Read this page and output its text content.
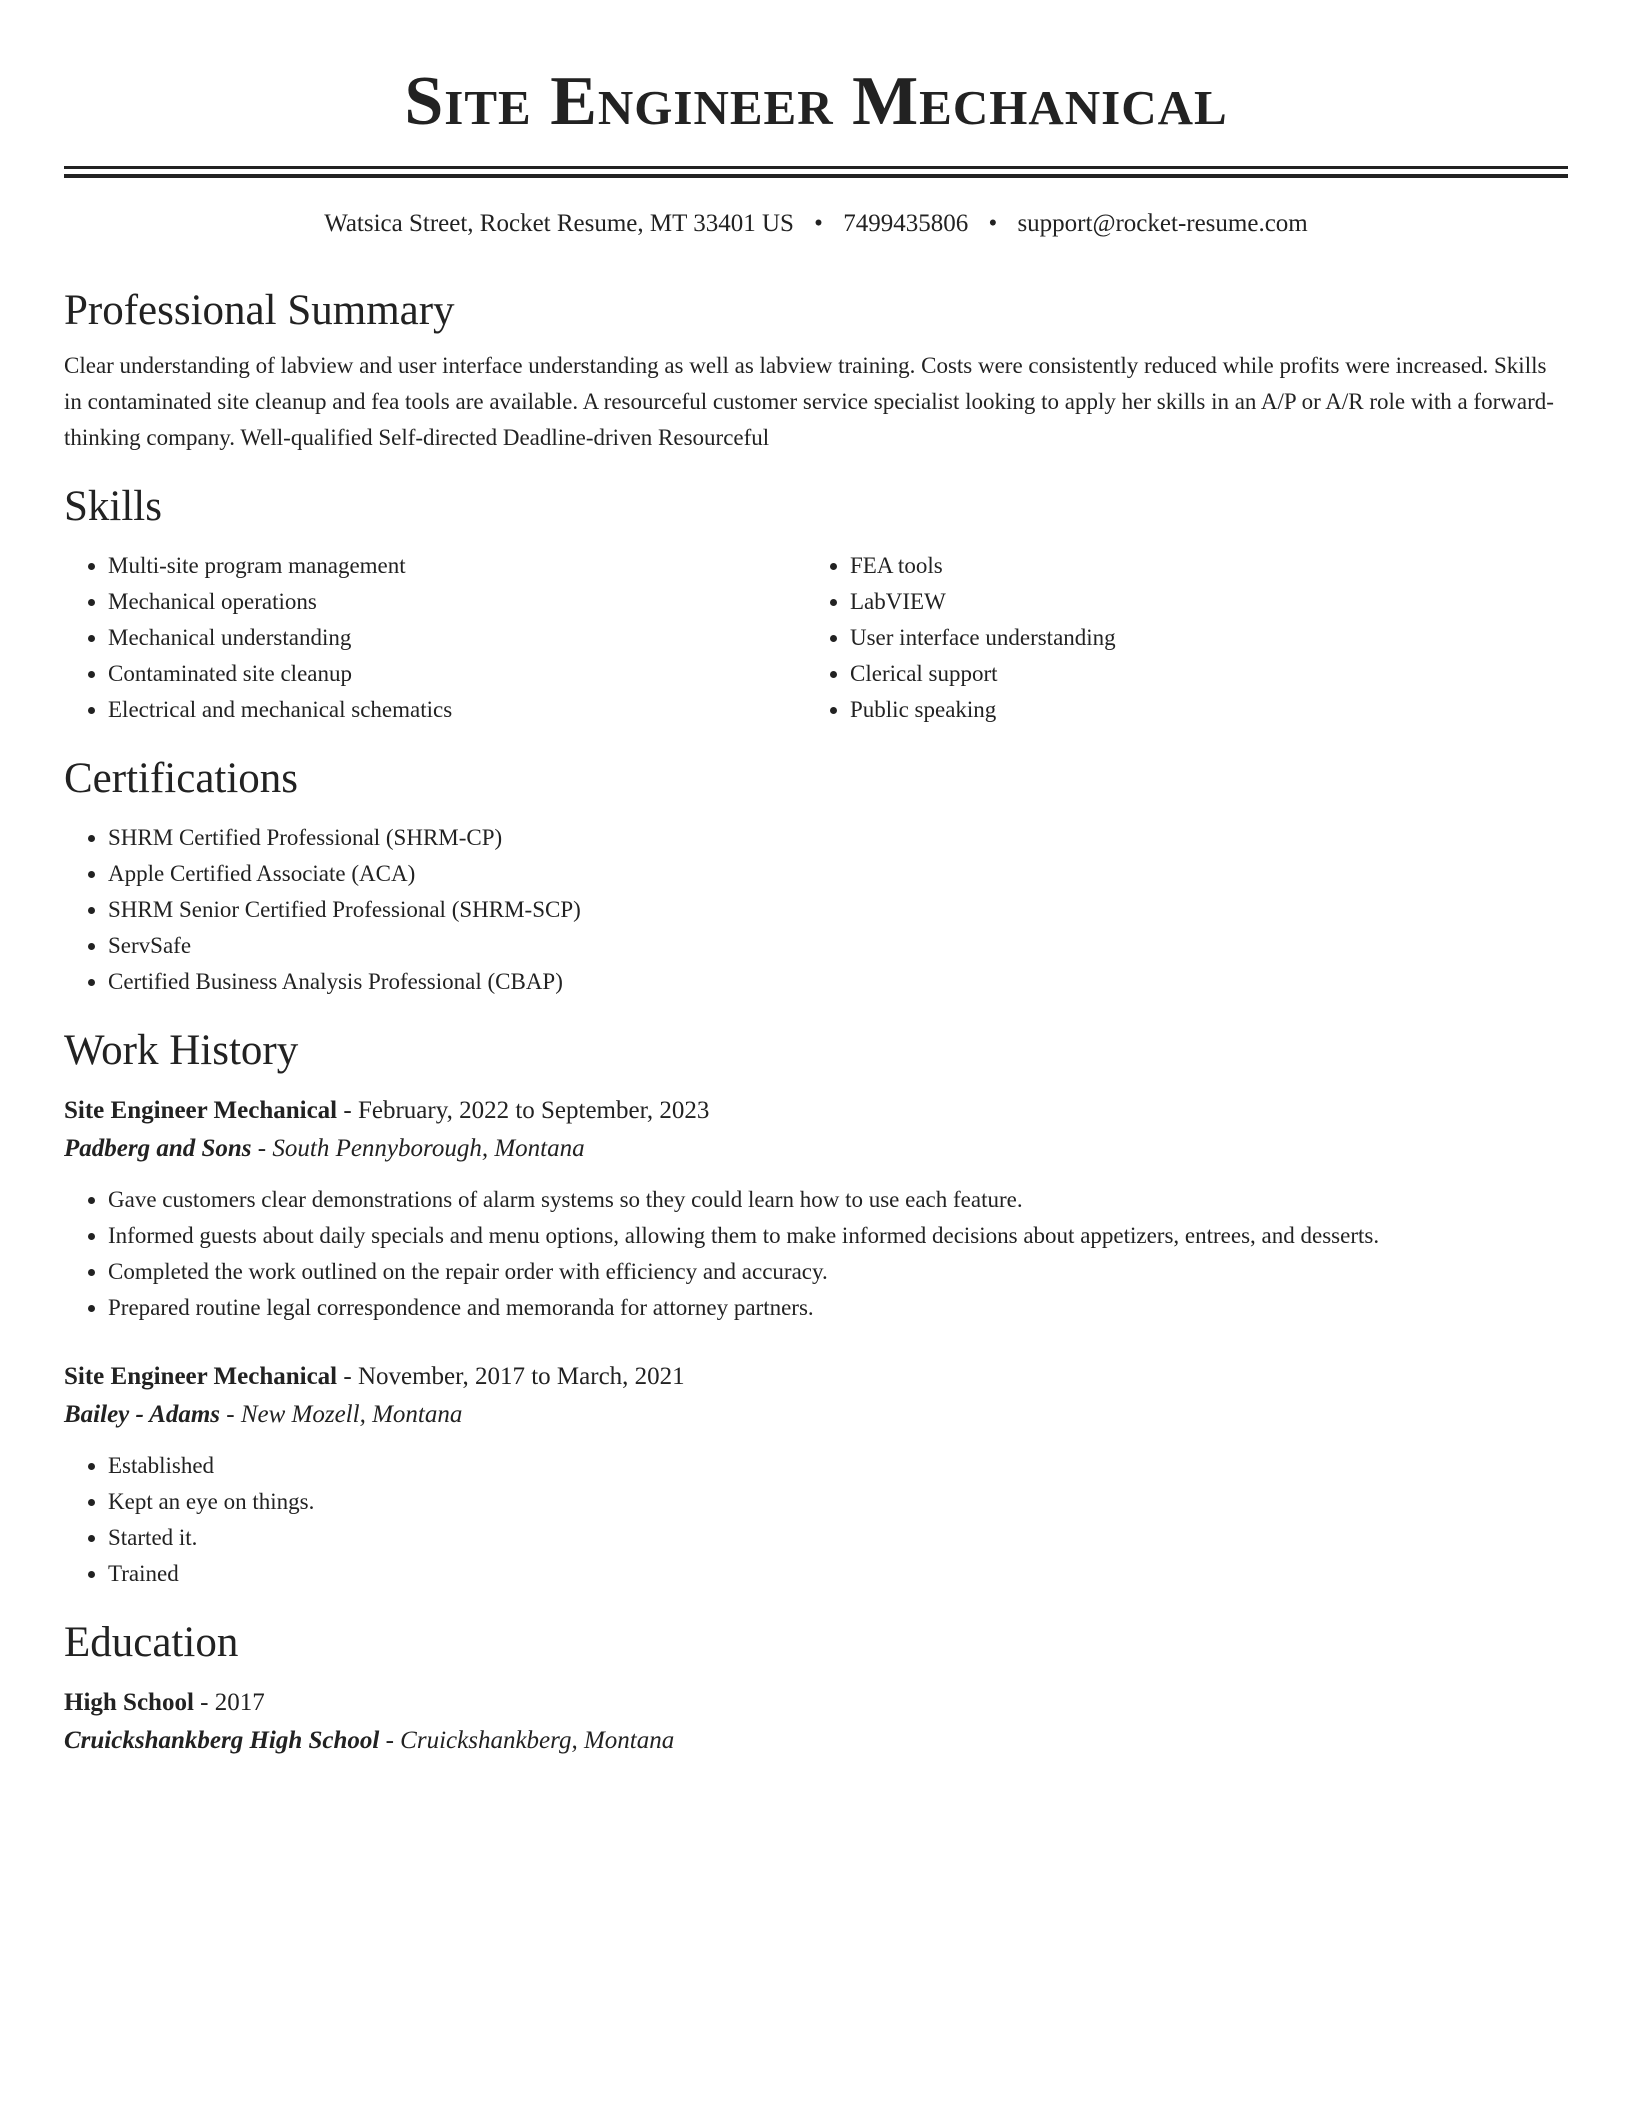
Site Engineer Mechanical
Watsica Street, Rocket Resume, MT 33401 US • 7499435806 • support@rocket-resume.com
Professional Summary
Clear understanding of labview and user interface understanding as well as labview training. Costs were consistently reduced while profits were increased. Skills in contaminated site cleanup and fea tools are available. A resourceful customer service specialist looking to apply her skills in an A/P or A/R role with a forward-thinking company. Well-qualified Self-directed Deadline-driven Resourceful
Skills
• Multi-site program management
• Mechanical operations
• Mechanical understanding
• Contaminated site cleanup
• Electrical and mechanical schematics
• FEA tools
• LabVIEW
• User interface understanding
• Clerical support
• Public speaking
Certifications
• SHRM Certified Professional (SHRM-CP)
• Apple Certified Associate (ACA)
• SHRM Senior Certified Professional (SHRM-SCP)
• ServSafe
• Certified Business Analysis Professional (CBAP)
Work History
Site Engineer Mechanical - February, 2022 to September, 2023
Padberg and Sons - South Pennyborough, Montana
• Gave customers clear demonstrations of alarm systems so they could learn how to use each feature.
• Informed guests about daily specials and menu options, allowing them to make informed decisions about appetizers, entrees, and desserts.
• Completed the work outlined on the repair order with efficiency and accuracy.
• Prepared routine legal correspondence and memoranda for attorney partners.
Site Engineer Mechanical - November, 2017 to March, 2021
Bailey - Adams - New Mozell, Montana
• Established
• Kept an eye on things.
• Started it.
• Trained
Education
High School - 2017
Cruickshankberg High School - Cruickshankberg, Montana
